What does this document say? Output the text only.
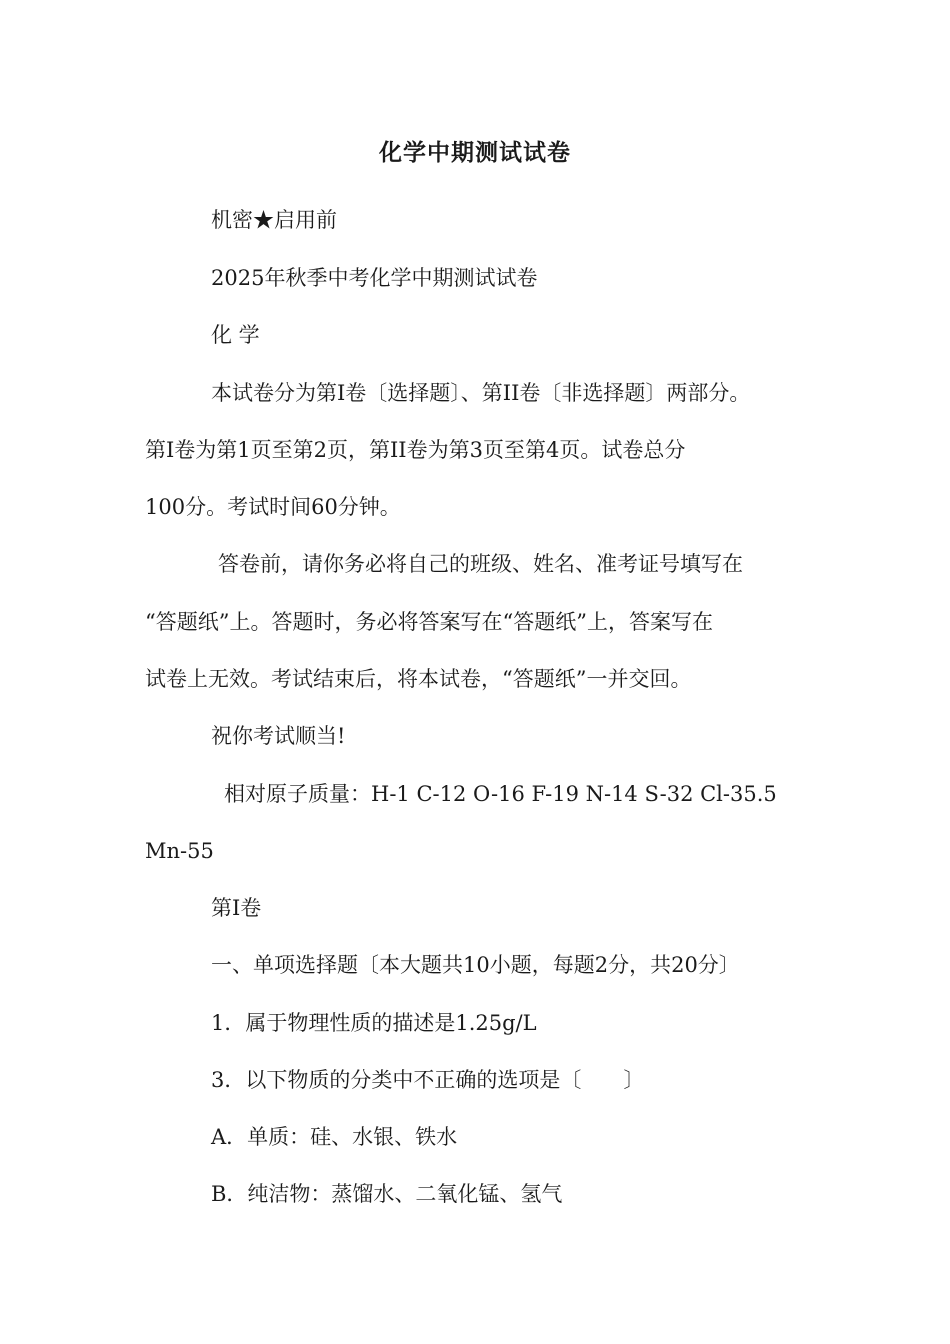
化学中期测试试卷
机密★启用前
2025年秋季中考化学中期测试试卷
化 学
本试卷分为第Ⅰ卷〔选择题〕、第II卷〔非选择题〕两部分。
第Ⅰ卷为第1页至第2页，第II卷为第3页至第4页。试卷总分
100分。考试时间60分钟。
答卷前，请你务必将自己的班级、姓名、准考证号填写在
“答题纸”上。答题时，务必将答案写在“答题纸”上，答案写在
试卷上无效。考试结束后，将本试卷，“答题纸”一并交回。
祝你考试顺当!
相对原子质量：H-1 C-12 O-16 F-19 N-14 S-32 Cl-35.5
Mn-55
第Ⅰ卷
一、单项选择题〔本大题共10小题，每题2分，共20分〕
1．属于物理性质的描述是1.25g/L
3．以下物质的分类中不正确的选项是〔　　〕
A．单质：硅、水银、铁水
B．纯洁物：蒸馏水、二氧化锰、氢气
